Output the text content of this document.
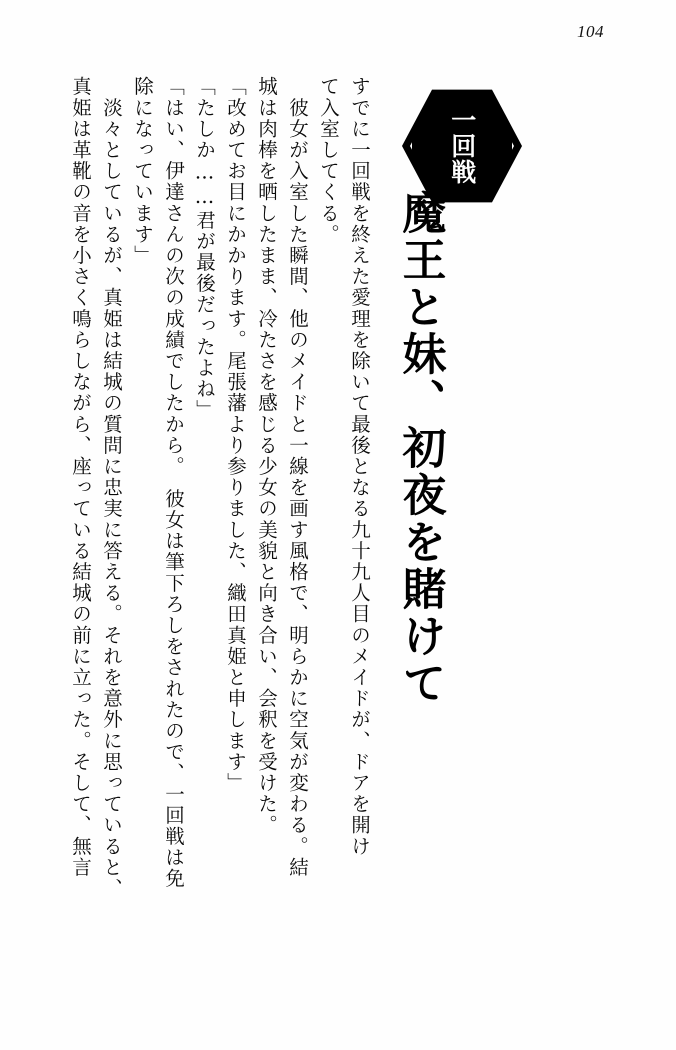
104
一回戦
魔王と妹、初夜を賭けて
すでに一回戦を終えた愛理を除いて最後となる九十九人目のメイドが、ドアを開け
て入室してくる。
　彼女が入室した瞬間、他のメイドと一線を画す風格で、明らかに空気が変わる。結
城は肉棒を晒したまま、冷たさを感じる少女の美貌と向き合い、会釈を受けた。
「改めてお目にかかります。尾張藩より参りました、織田真姫と申します」
「たしか……君が最後だったよね」
「はい、伊達さんの次の成績でしたから。　彼女は筆下ろしをされたので、一回戦は免
除になっています」
　淡々としているが、真姫は結城の質問に忠実に答える。それを意外に思っていると、
真姫は革靴の音を小さく鳴らしながら、座っている結城の前に立った。そして、無言
